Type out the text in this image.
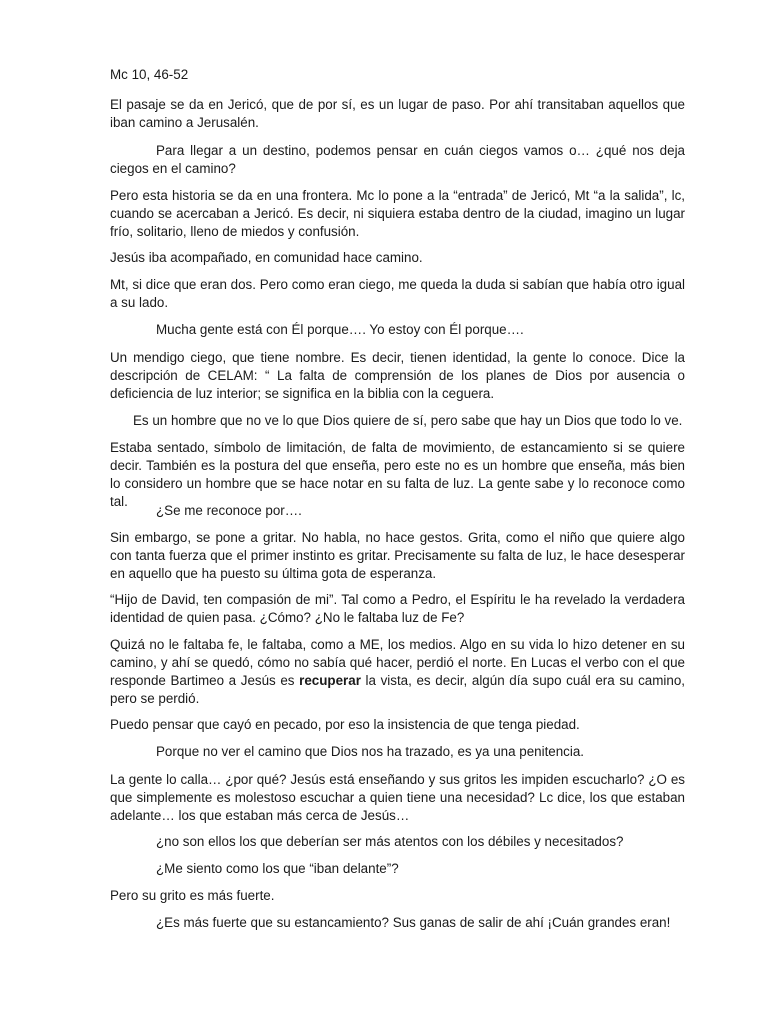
Mc 10, 46-52

El pasaje se da en Jericó, que de por sí, es un lugar de paso. Por ahí transitaban aquellos que iban camino a Jerusalén.

Para llegar a un destino, podemos pensar en cuán ciegos vamos o… ¿qué nos deja ciegos en el camino?

Pero esta historia se da en una frontera. Mc lo pone a la “entrada” de Jericó, Mt “a la salida”, lc, cuando se acercaban a Jericó. Es decir, ni siquiera estaba dentro de la ciudad, imagino un lugar frío, solitario, lleno de miedos y confusión.

Jesús iba acompañado, en comunidad hace camino.

Mt, si dice que eran dos. Pero como eran ciego, me queda la duda si sabían que había otro igual a su lado.

Mucha gente está con Él porque…. Yo estoy con Él porque….

Un mendigo ciego, que tiene nombre. Es decir, tienen identidad, la gente lo conoce. Dice la descripción de CELAM: “ La falta de comprensión de los planes de Dios por ausencia o deficiencia de luz interior; se significa en la biblia con la ceguera.

Es un hombre que no ve lo que Dios quiere de sí, pero sabe que hay un Dios que todo lo ve.

Estaba sentado, símbolo de limitación, de falta de movimiento, de estancamiento si se quiere decir. También es la postura del que enseña, pero este no es un hombre que enseña, más bien lo considero un hombre que se hace notar en su falta de luz. La gente sabe y lo reconoce como tal.

¿Se me reconoce por….

Sin embargo, se pone a gritar. No habla, no hace gestos. Grita, como el niño que quiere algo con tanta fuerza que el primer instinto es gritar. Precisamente su falta de luz, le hace desesperar en aquello que ha puesto su última gota de esperanza.

“Hijo de David, ten compasión de mi”. Tal como a Pedro, el Espíritu le ha revelado la verdadera identidad de quien pasa. ¿Cómo? ¿No le faltaba luz de Fe?

Quizá no le faltaba fe, le faltaba, como a ME, los medios. Algo en su vida lo hizo detener en su camino, y ahí se quedó, cómo no sabía qué hacer, perdió el norte. En Lucas el verbo con el que responde Bartimeo a Jesús es recuperar la vista, es decir, algún día supo cuál era su camino, pero se perdió.

Puedo pensar que cayó en pecado, por eso la insistencia de que tenga piedad.

Porque no ver el camino que Dios nos ha trazado, es ya una penitencia.

La gente lo calla… ¿por qué? Jesús está enseñando y sus gritos les impiden escucharlo? ¿O es que simplemente es molestoso escuchar a quien tiene una necesidad? Lc dice, los que estaban adelante… los que estaban más cerca de Jesús…

¿no son ellos los que deberían ser más atentos con los débiles y necesitados?

¿Me siento como los que “iban delante”?

Pero su grito es más fuerte.

¿Es más fuerte que su estancamiento? Sus ganas de salir de ahí ¡Cuán grandes eran!
